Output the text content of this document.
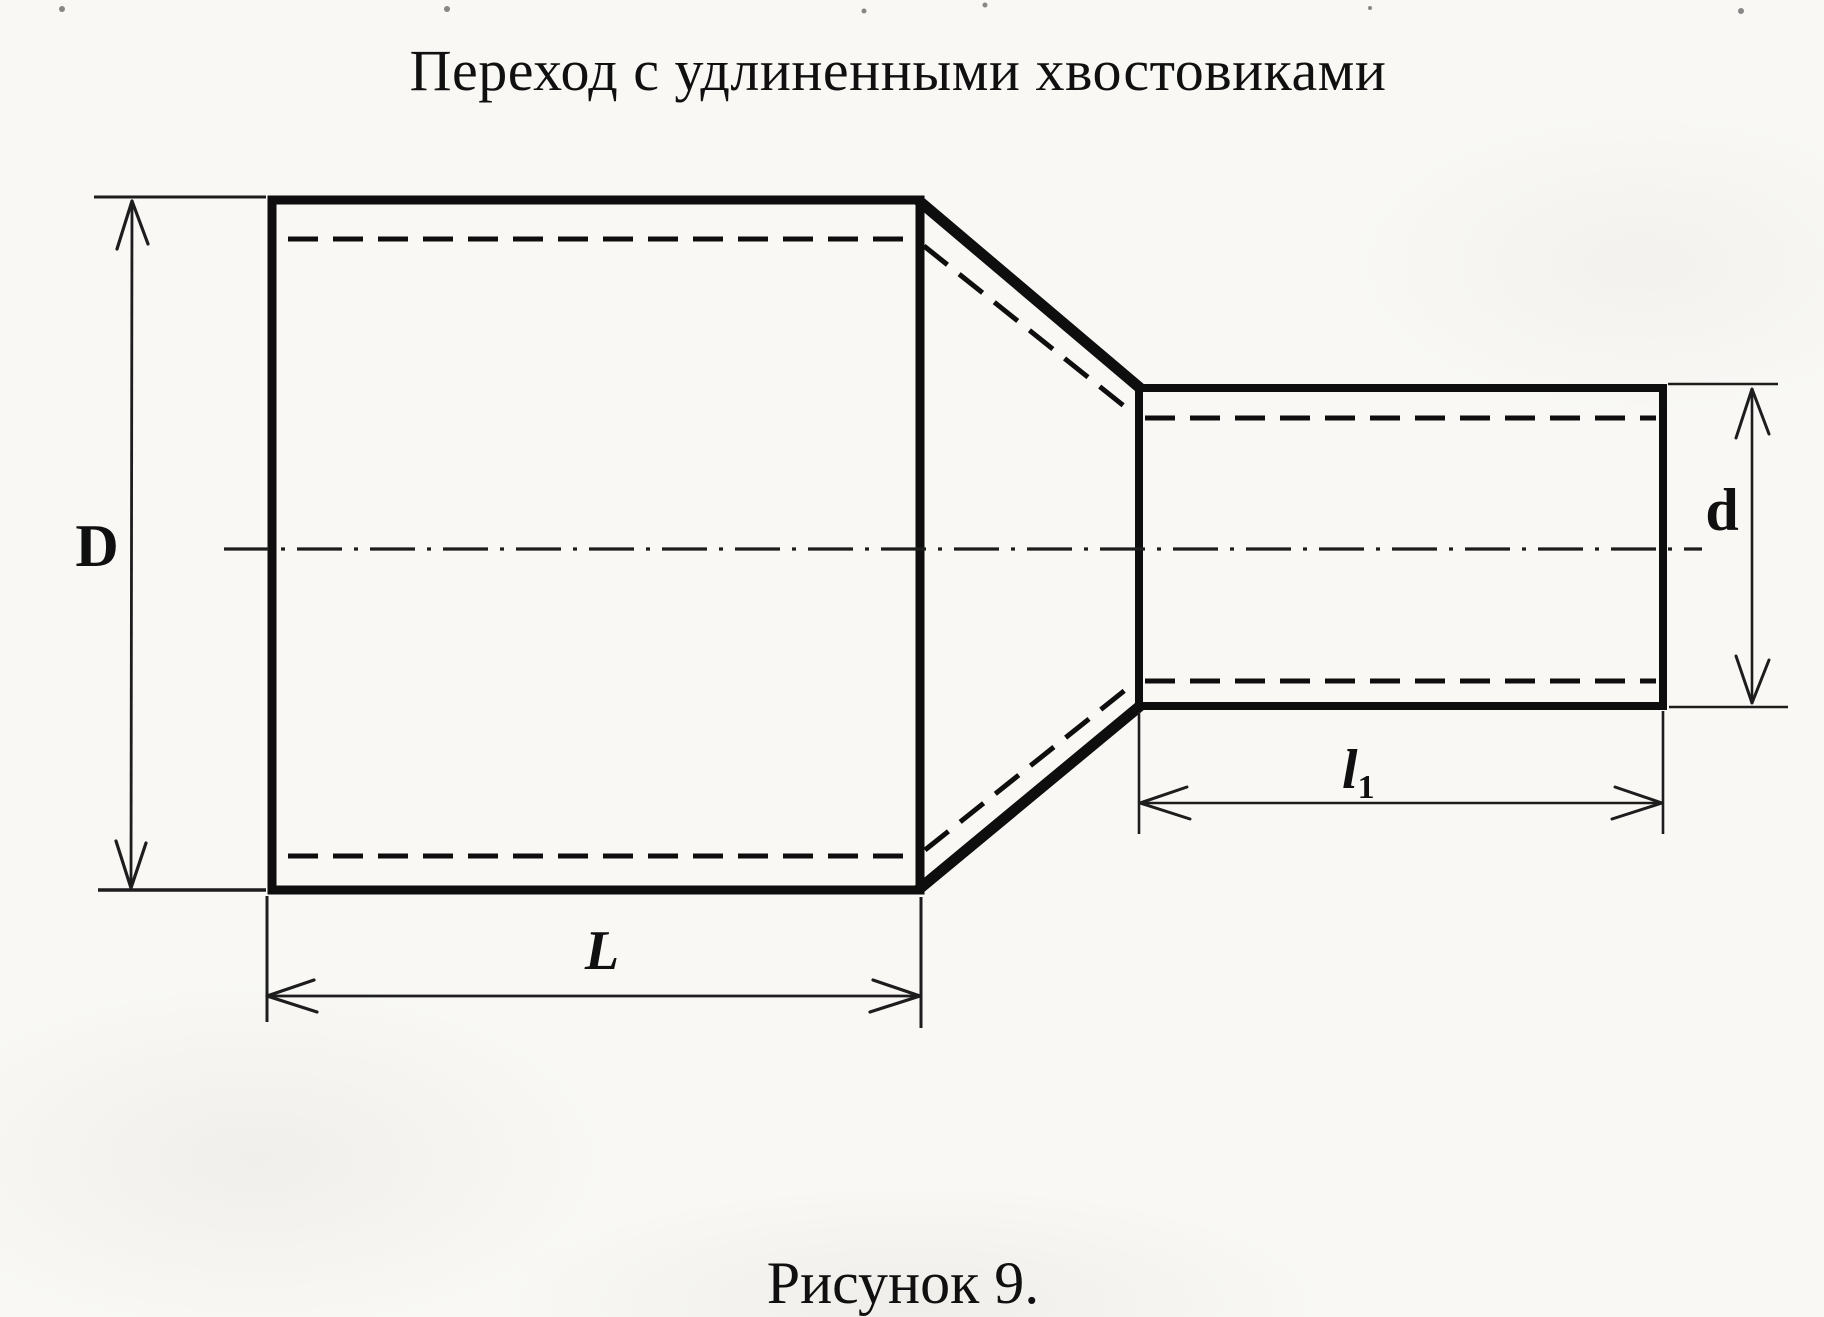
Переход с удлиненными хвостовиками
D
d
L
l1
Рисунок 9.
